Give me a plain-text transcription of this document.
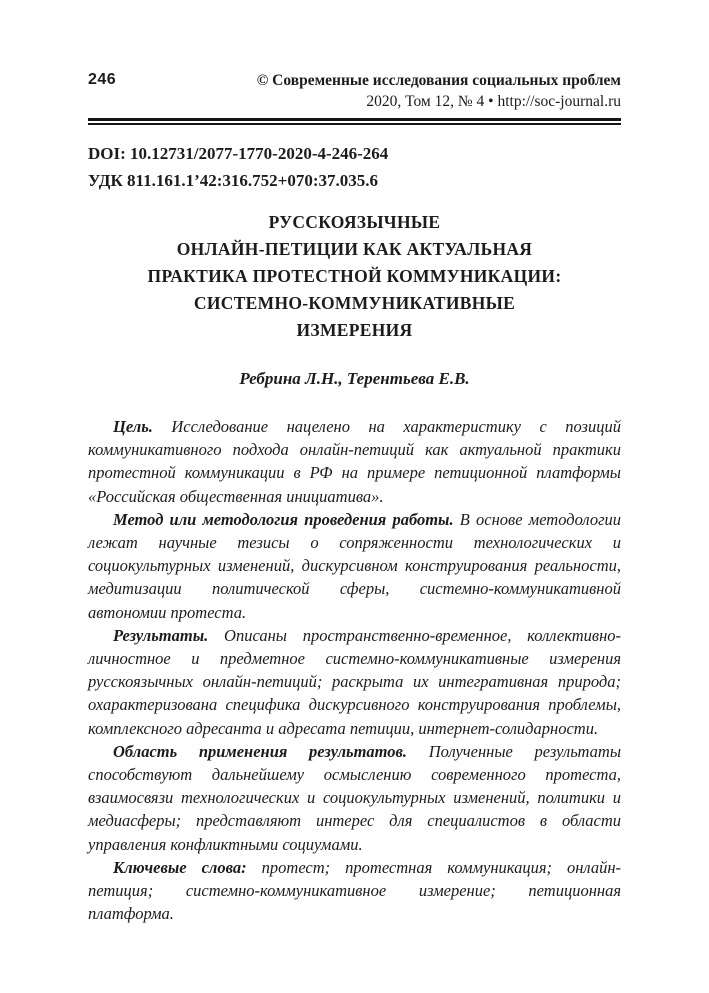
246	© Современные исследования социальных проблем
2020, Том 12, № 4 • http://soc-journal.ru
DOI: 10.12731/2077-1770-2020-4-246-264
УДК 811.161.1’42:316.752+070:37.035.6
РУССКОЯЗЫЧНЫЕ
ОНЛАЙН-ПЕТИЦИИ КАК АКТУАЛЬНАЯ
ПРАКТИКА ПРОТЕСТНОЙ КОММУНИКАЦИИ:
СИСТЕМНО-КОММУНИКАТИВНЫЕ
ИЗМЕРЕНИЯ
Ребрина Л.Н., Терентьева Е.В.

Цель. Исследование нацелено на характеристику с позиций коммуникативного подхода онлайн-петиций как актуальной практики протестной коммуникации в РФ на примере петиционной платформы «Российская общественная инициатива».

Метод или методология проведения работы. В основе методологии лежат научные тезисы о сопряженности технологических и социокультурных изменений, дискурсивном конструирования реальности, медитизации политической сферы, системно-коммуникативной автономии протеста.

Результаты. Описаны пространственно-временное, коллективно-личностное и предметное системно-коммуникативные измерения русскоязычных онлайн-петиций; раскрыта их интегративная природа; охарактеризована специфика дискурсивного конструирования проблемы, комплексного адресанта и адресата петиции, интернет-солидарности.

Область применения результатов. Полученные результаты способствуют дальнейшему осмыслению современного протеста, взаимосвязи технологических и социокультурных изменений, политики и медиасферы; представляют интерес для специалистов в области управления конфликтными социумами.

Ключевые слова: протест; протестная коммуникация; онлайн-петиция; системно-коммуникативное измерение; петиционная платформа.
